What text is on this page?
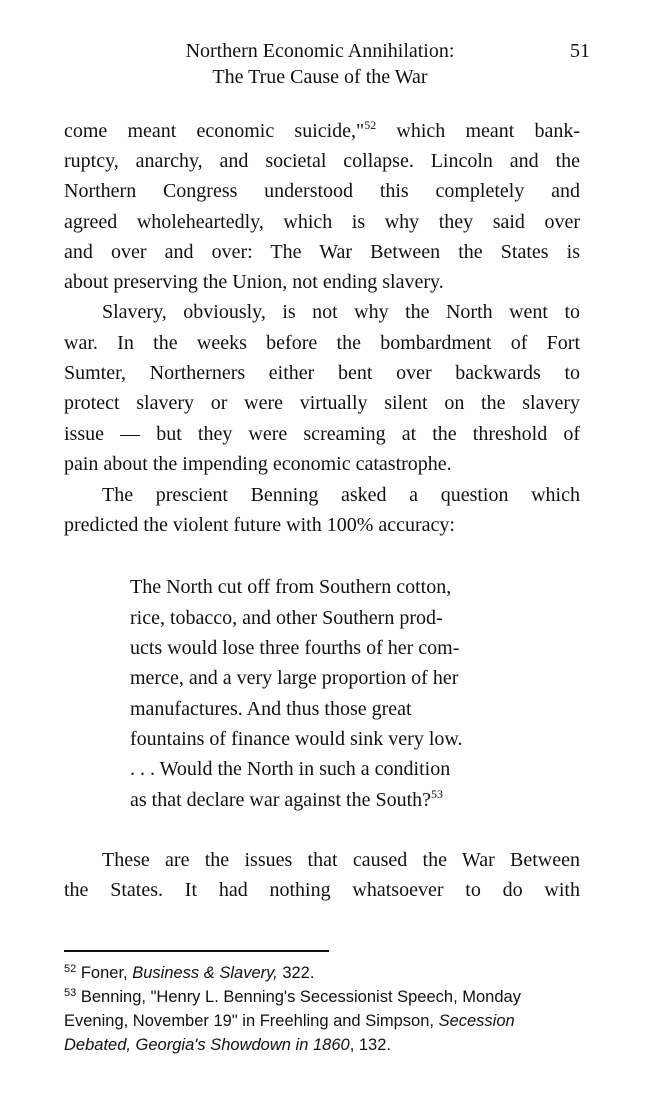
Northern Economic Annihilation:
The True Cause of the War
51
come meant economic suicide,"$^{52}$ which meant bank-
ruptcy, anarchy, and societal collapse. Lincoln and the
Northern Congress understood this completely and
agreed wholeheartedly, which is why they said over
and over and over: The War Between the States is
about preserving the Union, not ending slavery.
Slavery, obviously, is not why the North went to
war. In the weeks before the bombardment of Fort
Sumter, Northerners either bent over backwards to
protect slavery or were virtually silent on the slavery
issue — but they were screaming at the threshold of
pain about the impending economic catastrophe.
The prescient Benning asked a question which
predicted the violent future with 100% accuracy:
The North cut off from Southern cotton,
rice, tobacco, and other Southern prod-
ucts would lose three fourths of her com-
merce, and a very large proportion of her
manufactures. And thus those great
fountains of finance would sink very low.
. . . Would the North in such a condition
as that declare war against the South?$^{53}$
These are the issues that caused the War Between
the States. It had nothing whatsoever to do with
$^{52}$ Foner, Business & Slavery, 322.
$^{53}$ Benning, "Henry L. Benning's Secessionist Speech, Monday
Evening, November 19" in Freehling and Simpson, Secession
Debated, Georgia's Showdown in 1860, 132.
